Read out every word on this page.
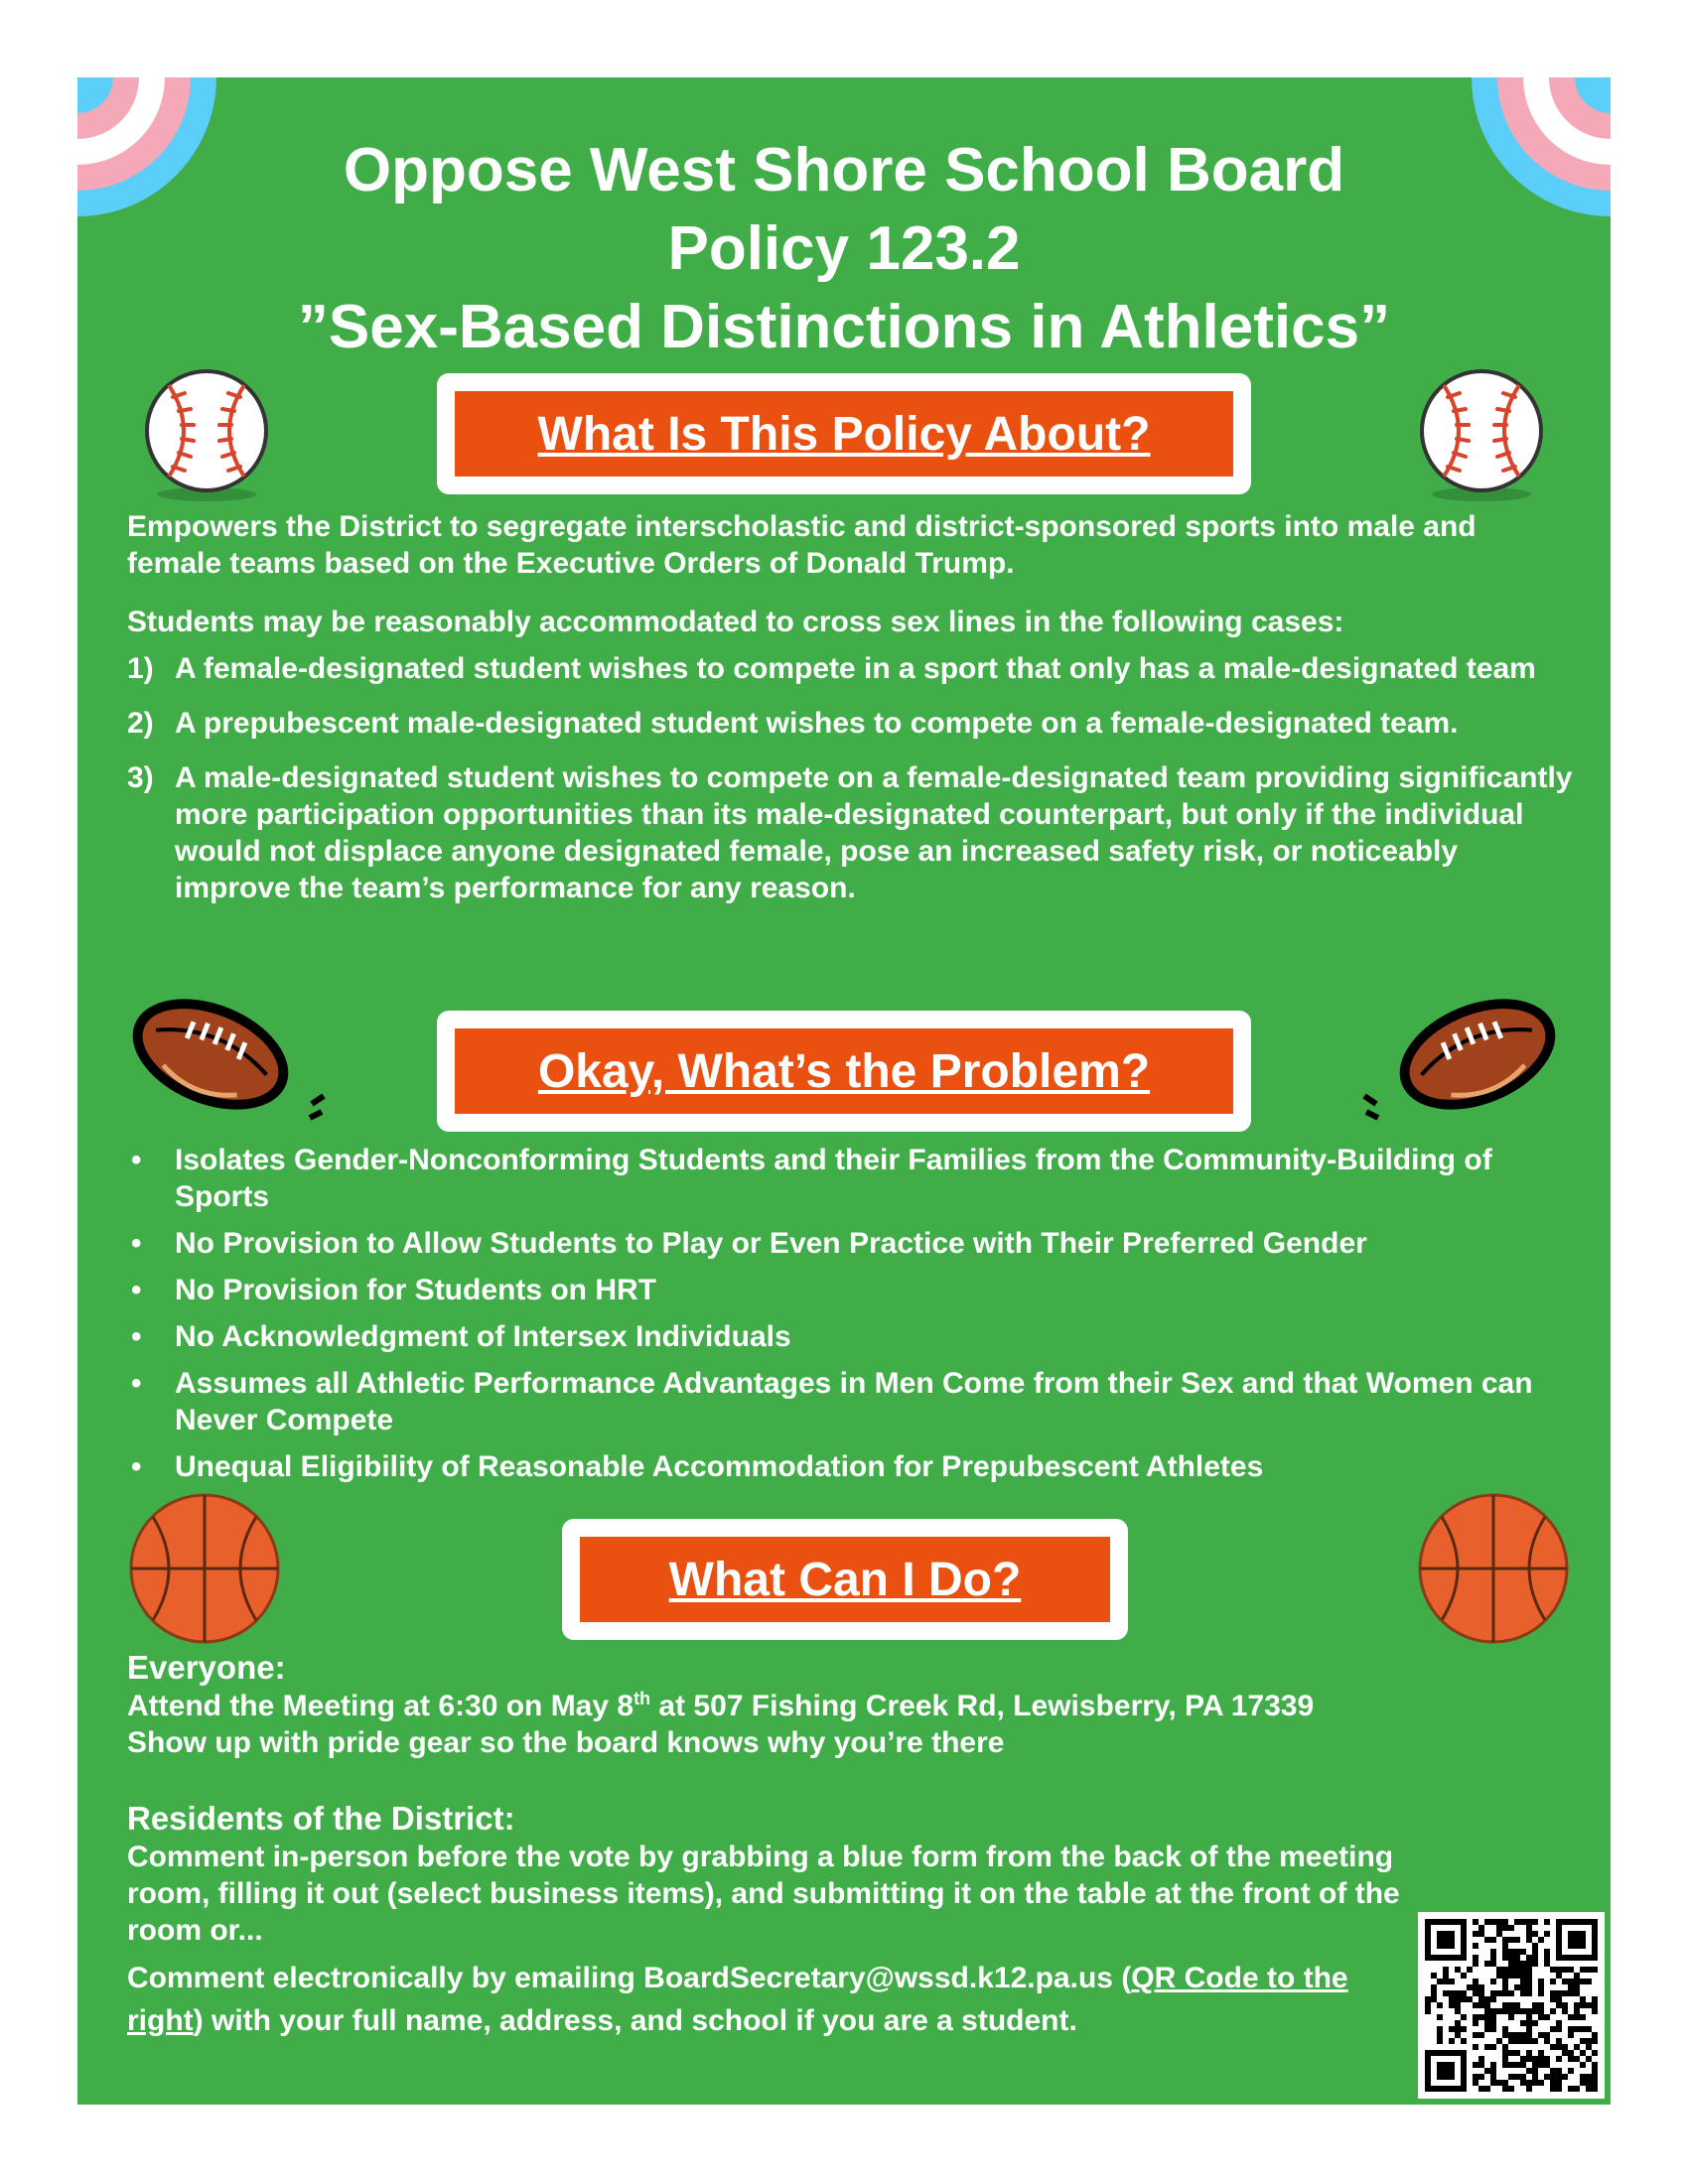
Oppose West Shore School Board
Policy 123.2
”Sex-Based Distinctions in Athletics”
What Is This Policy About?

Empowers the District to segregate interscholastic and district-sponsored sports into male and female teams based on the Executive Orders of Donald Trump.

Students may be reasonably accommodated to cross sex lines in the following cases:

1) A female-designated student wishes to compete in a sport that only has a male-designated team
2) A prepubescent male-designated student wishes to compete on a female-designated team.
3) A male-designated student wishes to compete on a female-designated team providing significantly more participation opportunities than its male-designated counterpart, but only if the individual would not displace anyone designated female, pose an increased safety risk, or noticeably improve the team’s performance for any reason.
Okay, What’s the Problem?
• Isolates Gender-Nonconforming Students and their Families from the Community-Building of Sports
• No Provision to Allow Students to Play or Even Practice with Their Preferred Gender
• No Provision for Students on HRT
• No Acknowledgment of Intersex Individuals
• Assumes all Athletic Performance Advantages in Men Come from their Sex and that Women can Never Compete
• Unequal Eligibility of Reasonable Accommodation for Prepubescent Athletes
What Can I Do?
Everyone:
Attend the Meeting at 6:30 on May 8th at 507 Fishing Creek Rd, Lewisberry, PA 17339
Show up with pride gear so the board knows why you’re there
Residents of the District:
Comment in-person before the vote by grabbing a blue form from the back of the meeting room, filling it out (select business items), and submitting it on the table at the front of the room or...
Comment electronically by emailing BoardSecretary@wssd.k12.pa.us (QR Code to the right) with your full name, address, and school if you are a student.
